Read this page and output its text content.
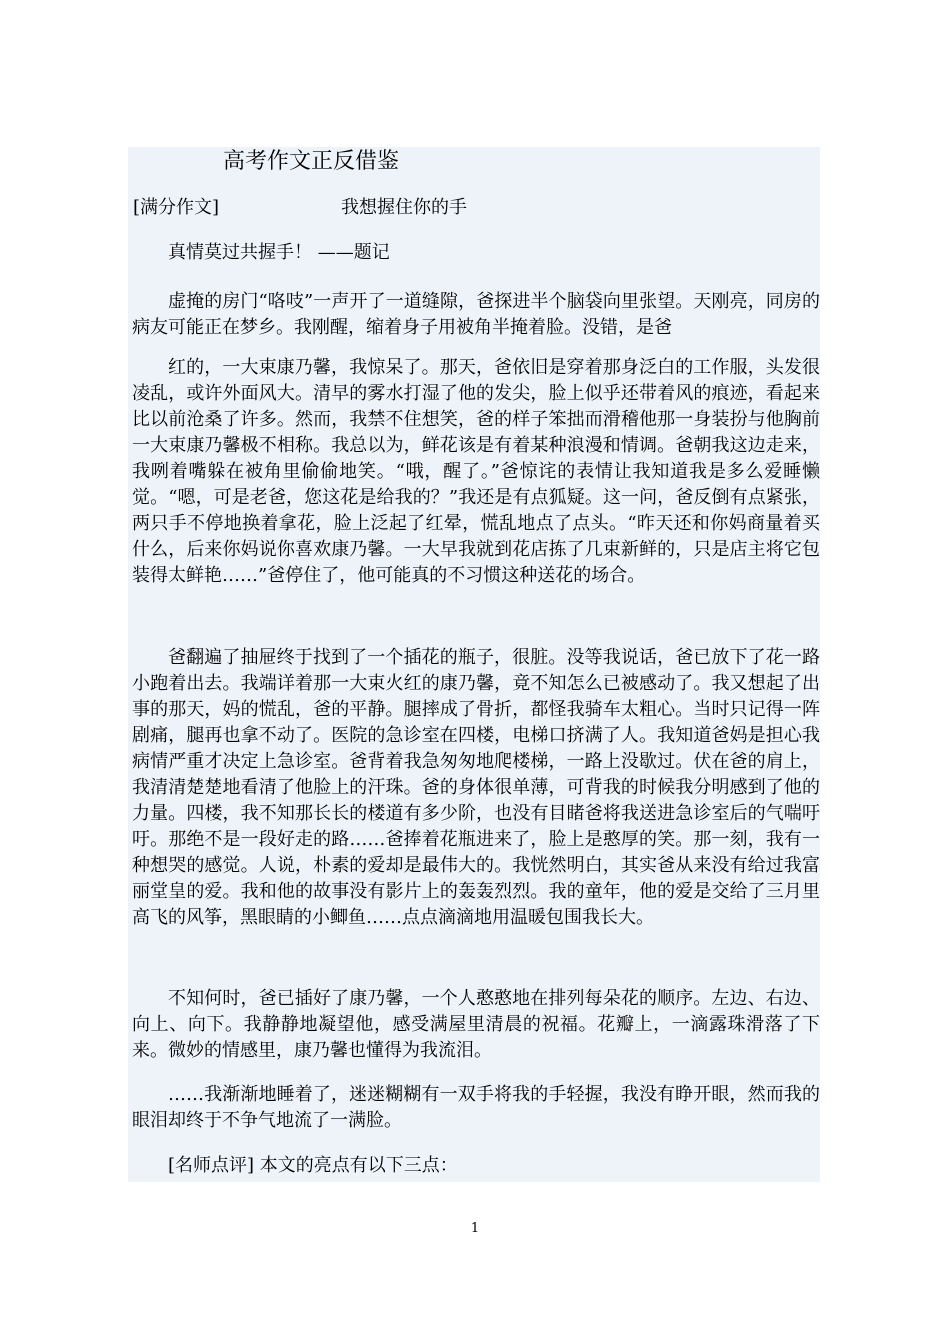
高考作文正反借鉴
[满分作文]	我想握住你的手
真情莫过共握手！ ——题记
虚掩的房门“咯吱”一声开了一道缝隙，爸探进半个脑袋向里张望。天刚亮，同房的病友可能正在梦乡。我刚醒，缩着身子用被角半掩着脸。没错，是爸
红的，一大束康乃馨，我惊呆了。那天，爸依旧是穿着那身泛白的工作服，头发很凌乱，或许外面风大。清早的雾水打湿了他的发尖，脸上似乎还带着风的痕迹，看起来比以前沧桑了许多。然而，我禁不住想笑，爸的样子笨拙而滑稽他那一身装扮与他胸前一大束康乃馨极不相称。我总以为，鲜花该是有着某种浪漫和情调。爸朝我这边走来，我咧着嘴躲在被角里偷偷地笑。“哦，醒了。”爸惊诧的表情让我知道我是多么爱睡懒觉。“嗯，可是老爸，您这花是给我的？”我还是有点狐疑。这一问，爸反倒有点紧张，两只手不停地换着拿花，脸上泛起了红晕，慌乱地点了点头。“昨天还和你妈商量着买什么，后来你妈说你喜欢康乃馨。一大早我就到花店拣了几束新鲜的，只是店主将它包装得太鲜艳……”爸停住了，他可能真的不习惯这种送花的场合。
爸翻遍了抽屉终于找到了一个插花的瓶子，很脏。没等我说话，爸已放下了花一路小跑着出去。我端详着那一大束火红的康乃馨，竟不知怎么已被感动了。我又想起了出事的那天，妈的慌乱，爸的平静。腿摔成了骨折，都怪我骑车太粗心。当时只记得一阵剧痛，腿再也拿不动了。医院的急诊室在四楼，电梯口挤满了人。我知道爸妈是担心我病情严重才决定上急诊室。爸背着我急匆匆地爬楼梯，一路上没歇过。伏在爸的肩上，我清清楚楚地看清了他脸上的汗珠。爸的身体很单薄，可背我的时候我分明感到了他的力量。四楼，我不知那长长的楼道有多少阶，也没有目睹爸将我送进急诊室后的气喘吁吁。那绝不是一段好走的路……爸捧着花瓶进来了，脸上是憨厚的笑。那一刻，我有一种想哭的感觉。人说，朴素的爱却是最伟大的。我恍然明白，其实爸从来没有给过我富丽堂皇的爱。我和他的故事没有影片上的轰轰烈烈。我的童年，他的爱是交给了三月里高飞的风筝，黑眼睛的小鲫鱼……点点滴滴地用温暖包围我长大。
不知何时，爸已插好了康乃馨，一个人憨憨地在排列每朵花的顺序。左边、右边、向上、向下。我静静地凝望他，感受满屋里清晨的祝福。花瓣上，一滴露珠滑落了下来。微妙的情感里，康乃馨也懂得为我流泪。
……我渐渐地睡着了，迷迷糊糊有一双手将我的手轻握，我没有睁开眼，然而我的眼泪却终于不争气地流了一满脸。
[名师点评] 本文的亮点有以下三点：
1
